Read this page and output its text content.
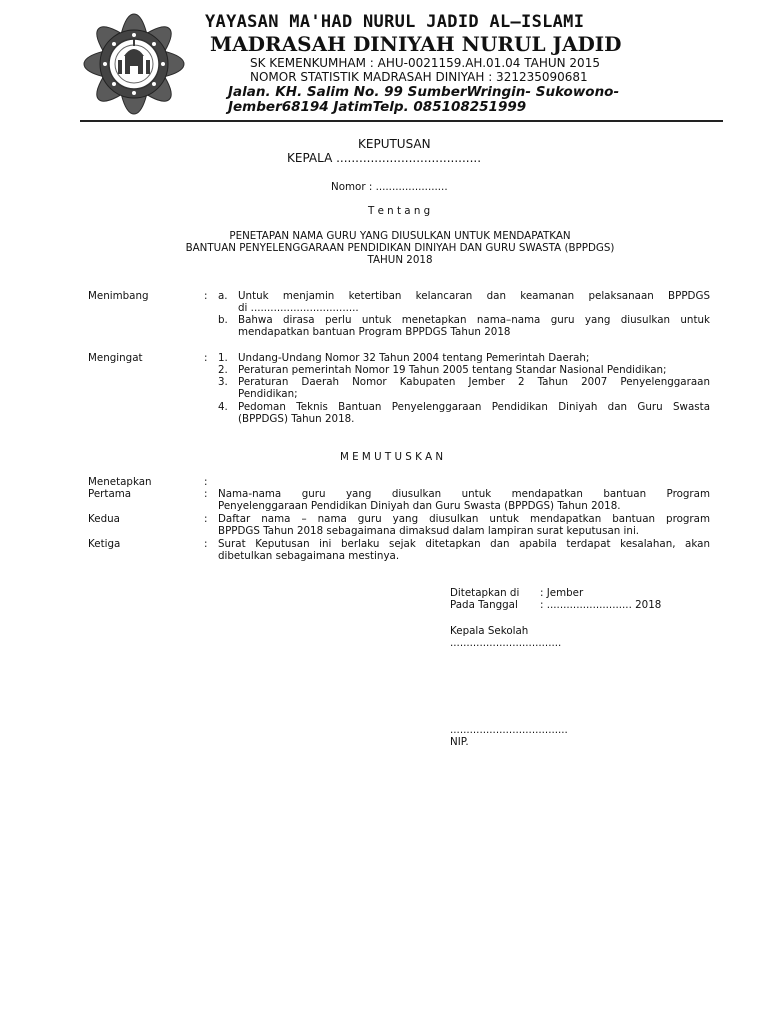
YAYASAN MA'HAD NURUL JADID AL–ISLAMI
MADRASAH DINIYAH NURUL JADID
SK KEMENKUMHAM : AHU-0021159.AH.01.04 TAHUN 2015
NOMOR STATISTIK MADRASAH DINIYAH : 321235090681
Jalan. KH. Salim No. 99 SumberWringin- Sukowono-
Jember68194 JatimTelp. 085108251999
KEPUTUSAN
KEPALA ......................................
Nomor : ......................
T e n t a n g
PENETAPAN NAMA GURU YANG DIUSULKAN UNTUK MENDAPATKAN
BANTUAN PENYELENGGARAAN PENDIDIKAN DINIYAH DAN GURU SWASTA (BPPDGS)
TAHUN 2018
Menimbang	: a. Untuk menjamin ketertiban kelancaran dan keamanan pelaksanaan BPPDGS
di .................................
b. Bahwa dirasa perlu untuk menetapkan nama–nama guru yang diusulkan untuk
mendapatkan bantuan Program BPPDGS Tahun 2018
Mengingat	: 1. Undang-Undang Nomor 32 Tahun 2004 tentang Pemerintah Daerah;
2. Peraturan pemerintah Nomor 19 Tahun 2005 tentang Standar Nasional Pendidikan;
3. Peraturan Daerah Nomor Kabupaten Jember 2 Tahun 2007 Penyelenggaraan
Pendidikan;
4. Pedoman Teknis Bantuan Penyelenggaraan Pendidikan Diniyah dan Guru Swasta
(BPPDGS) Tahun 2018.
M E M U T U S K A N
Menetapkan	:
Pertama	: Nama-nama guru yang diusulkan untuk mendapatkan bantuan Program
Penyelenggaraan Pendidikan Diniyah dan Guru Swasta (BPPDGS) Tahun 2018.
Kedua	: Daftar nama – nama guru yang diusulkan untuk mendapatkan bantuan program
BPPDGS Tahun 2018 sebagaimana dimaksud dalam lampiran surat keputusan ini.
Ketiga	: Surat Keputusan ini berlaku sejak ditetapkan dan apabila terdapat kesalahan, akan
dibetulkan sebagaimana mestinya.
Ditetapkan di : Jember
Pada Tanggal : .......................... 2018
Kepala Sekolah
..................................
....................................
NIP.
